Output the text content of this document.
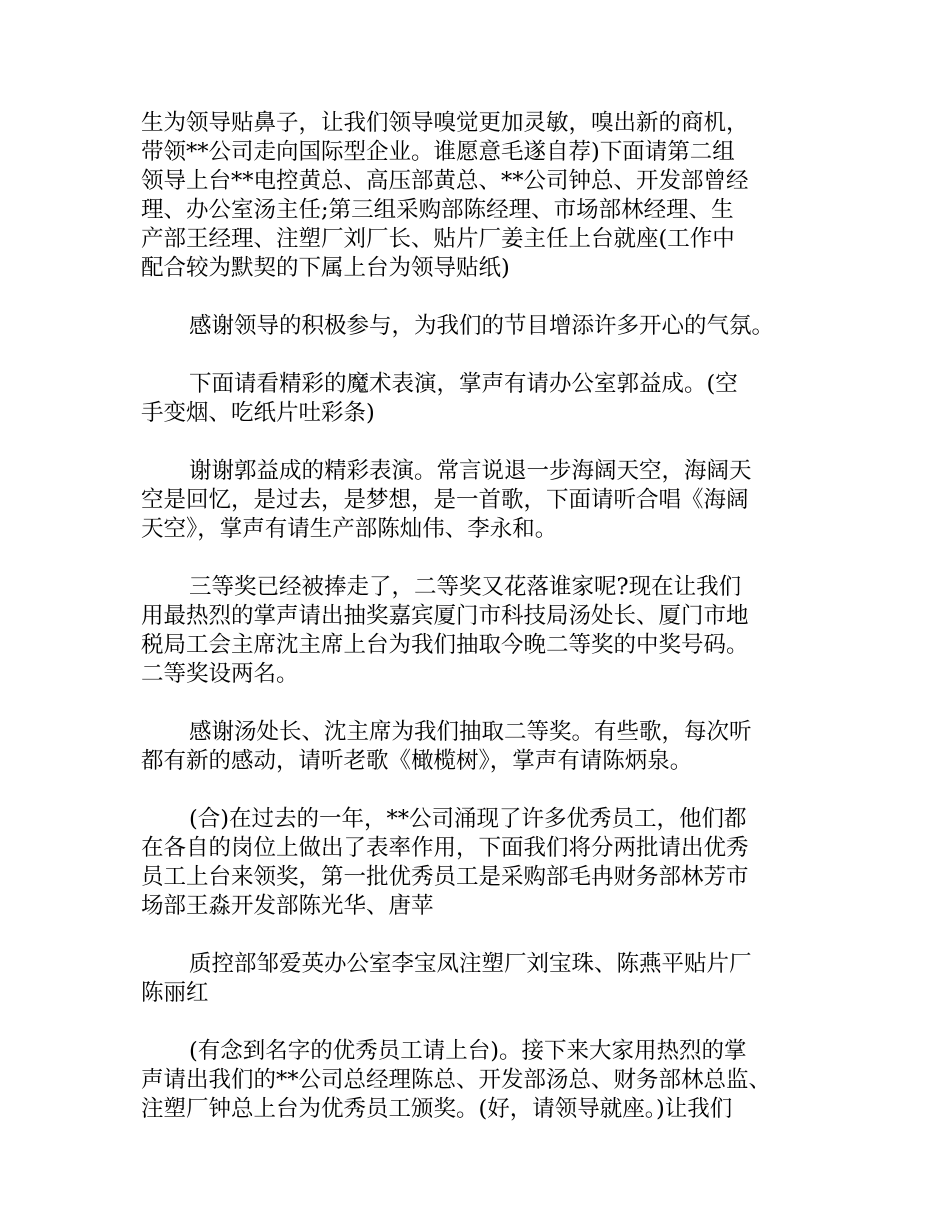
生为领导贴鼻子，让我们领导嗅觉更加灵敏，嗅出新的商机，
带领**公司走向国际型企业。谁愿意毛遂自荐)下面请第二组
领导上台**电控黄总、高压部黄总、**公司钟总、开发部曾经
理、办公室汤主任;第三组采购部陈经理、市场部林经理、生
产部王经理、注塑厂刘厂长、贴片厂姜主任上台就座(工作中
配合较为默契的下属上台为领导贴纸)

感谢领导的积极参与，为我们的节目增添许多开心的气氛。

下面请看精彩的魔术表演，掌声有请办公室郭益成。(空
手变烟、吃纸片吐彩条)

谢谢郭益成的精彩表演。常言说退一步海阔天空，海阔天
空是回忆，是过去，是梦想，是一首歌，下面请听合唱《海阔
天空》，掌声有请生产部陈灿伟、李永和。

三等奖已经被捧走了，二等奖又花落谁家呢?现在让我们
用最热烈的掌声请出抽奖嘉宾厦门市科技局汤处长、厦门市地
税局工会主席沈主席上台为我们抽取今晚二等奖的中奖号码。
二等奖设两名。

感谢汤处长、沈主席为我们抽取二等奖。有些歌，每次听
都有新的感动，请听老歌《橄榄树》，掌声有请陈炳泉。

(合)在过去的一年，**公司涌现了许多优秀员工，他们都
在各自的岗位上做出了表率作用，下面我们将分两批请出优秀
员工上台来领奖，第一批优秀员工是采购部毛冉财务部林芳市
场部王淼开发部陈光华、唐苹

质控部邹爱英办公室李宝凤注塑厂刘宝珠、陈燕平贴片厂
陈丽红

(有念到名字的优秀员工请上台)。接下来大家用热烈的掌
声请出我们的**公司总经理陈总、开发部汤总、财务部林总监、
注塑厂钟总上台为优秀员工颁奖。(好，请领导就座。)让我们
